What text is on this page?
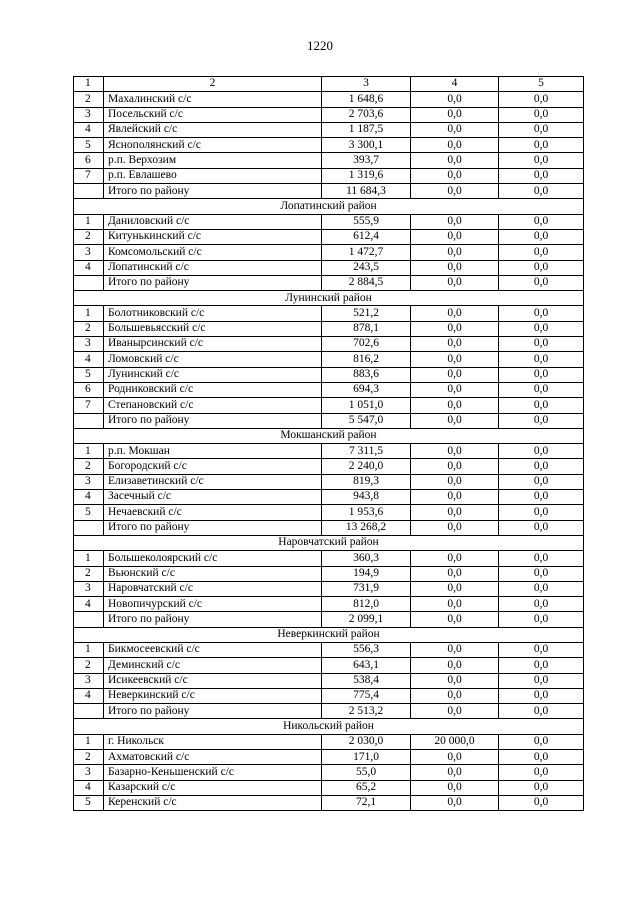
1220
1	2	3	4	5
2	Махалинский с/с	1 648,6	0,0	0,0
3	Посельский с/с	2 703,6	0,0	0,0
4	Явлейский с/с	1 187,5	0,0	0,0
5	Яснополянский с/с	3 300,1	0,0	0,0
6	р.п. Верхозим	393,7	0,0	0,0
7	р.п. Евлашево	1 319,6	0,0	0,0
	Итого по району	11 684,3	0,0	0,0
Лопатинский район				
1	Даниловский с/с	555,9	0,0	0,0
2	Китунькинский с/с	612,4	0,0	0,0
3	Комсомольский с/с	1 472,7	0,0	0,0
4	Лопатинский с/с	243,5	0,0	0,0
	Итого по району	2 884,5	0,0	0,0
Лунинский район				
1	Болотниковский с/с	521,2	0,0	0,0
2	Большевьясский с/с	878,1	0,0	0,0
3	Иванырсинский с/с	702,6	0,0	0,0
4	Ломовский с/с	816,2	0,0	0,0
5	Лунинский с/с	883,6	0,0	0,0
6	Родниковский с/с	694,3	0,0	0,0
7	Степановский с/с	1 051,0	0,0	0,0
	Итого по району	5 547,0	0,0	0,0
Мокшанский район				
1	р.п. Мокшан	7 311,5	0,0	0,0
2	Богородский с/с	2 240,0	0,0	0,0
3	Елизаветинский с/с	819,3	0,0	0,0
4	Засечный с/с	943,8	0,0	0,0
5	Нечаевский с/с	1 953,6	0,0	0,0
	Итого по району	13 268,2	0,0	0,0
Наровчатский район				
1	Большеколоярский с/с	360,3	0,0	0,0
2	Вьюнский с/с	194,9	0,0	0,0
3	Наровчатский с/с	731,9	0,0	0,0
4	Новопичурский с/с	812,0	0,0	0,0
	Итого по району	2 099,1	0,0	0,0
Неверкинский район				
1	Бикмосеевский с/с	556,3	0,0	0,0
2	Деминский с/с	643,1	0,0	0,0
3	Исикеевский с/с	538,4	0,0	0,0
4	Неверкинский с/с	775,4	0,0	0,0
	Итого по району	2 513,2	0,0	0,0
Никольский район				
1	г. Никольск	2 030,0	20 000,0	0,0
2	Ахматовский с/с	171,0	0,0	0,0
3	Базарно-Кеньшенский с/с	55,0	0,0	0,0
4	Казарский с/с	65,2	0,0	0,0
5	Керенский с/с	72,1	0,0	0,0
